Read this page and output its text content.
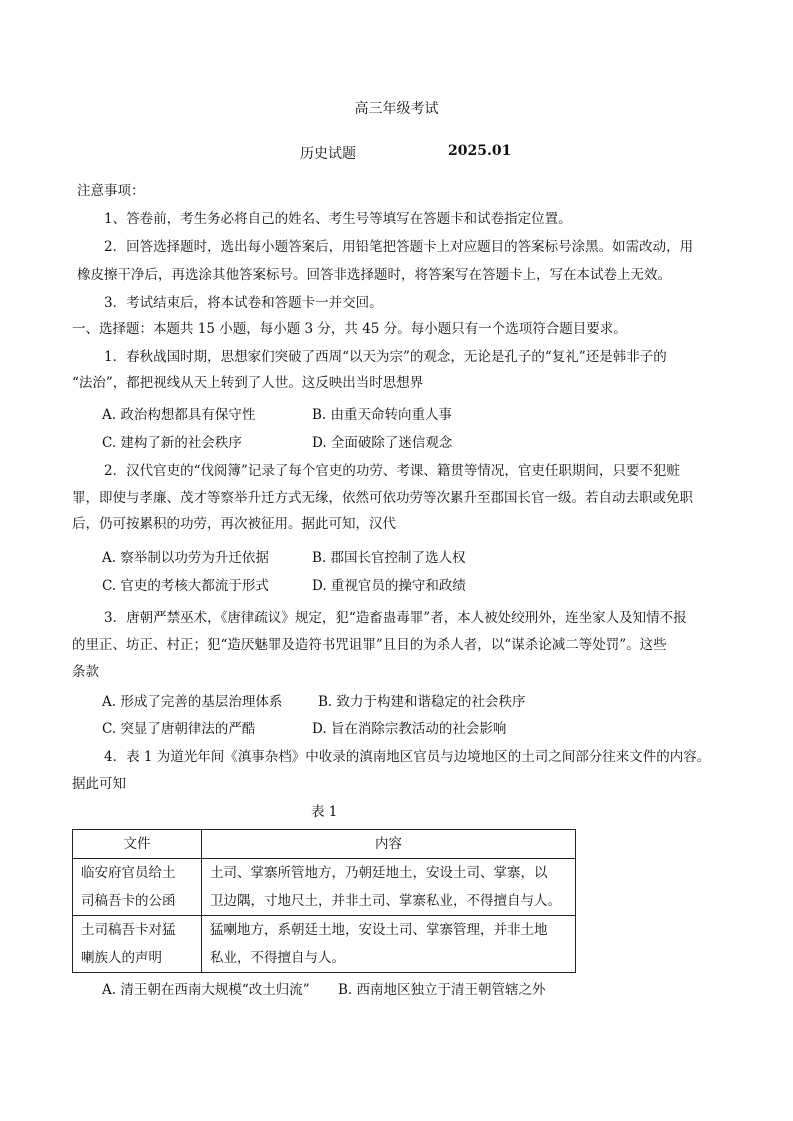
高三年级考试
历史试题	2025.01
注意事项：
1、答卷前，考生务必将自己的姓名、考生号等填写在答题卡和试卷指定位置。
2．回答选择题时，选出每小题答案后，用铅笔把答题卡上对应题目的答案标号涂黑。如需改动，用
橡皮擦干净后，再选涂其他答案标号。回答非选择题时，将答案写在答题卡上，写在本试卷上无效。
3．考试结束后，将本试卷和答题卡一并交回。
一、选择题：本题共 15 小题，每小题 3 分，共 45 分。每小题只有一个选项符合题目要求。
1．春秋战国时期，思想家们突破了西周“以天为宗”的观念，无论是孔子的“复礼”还是韩非子的
“法治”，都把视线从天上转到了人世。这反映出当时思想界
A. 政治构想都具有保守性	B. 由重天命转向重人事
C. 建构了新的社会秩序	D. 全面破除了迷信观念
2．汉代官吏的“伐阅簿”记录了每个官吏的功劳、考课、籍贯等情况，官吏任职期间，只要不犯赃
罪，即使与孝廉、茂才等察举升迁方式无缘，依然可依功劳等次累升至郡国长官一级。若自动去职或免职
后，仍可按累积的功劳，再次被征用。据此可知，汉代
A. 察举制以功劳为升迁依据	B. 郡国长官控制了选人权
C. 官吏的考核大都流于形式	D. 重视官员的操守和政绩
3．唐朝严禁巫术，《唐律疏议》规定，犯“造畜蛊毒罪”者，本人被处绞刑外，连坐家人及知情不报
的里正、坊正、村正；犯“造厌魅罪及造符书咒诅罪”且目的为杀人者，以“谋杀论减二等处罚”。这些
条款
A. 形成了完善的基层治理体系	B. 致力于构建和谐稳定的社会秩序
C. 突显了唐朝律法的严酷	D. 旨在消除宗教活动的社会影响
4．表 1 为道光年间《滇事杂档》中收录的滇南地区官员与边境地区的土司之间部分往来文件的内容。
据此可知
表 1
文件	内容

临安府官员给土
司稿吾卡的公函	土司、掌寨所管地方，乃朝廷地土，安设土司、掌寨，以
卫边隅，寸地尺土，并非土司、掌寨私业，不得擅自与人。

土司稿吾卡对猛
喇族人的声明	猛喇地方，系朝廷土地，安设土司、掌寨管理，并非土地
私业，不得擅自与人。
A. 清王朝在西南大规模“改土归流” B. 西南地区独立于清王朝管辖之外
